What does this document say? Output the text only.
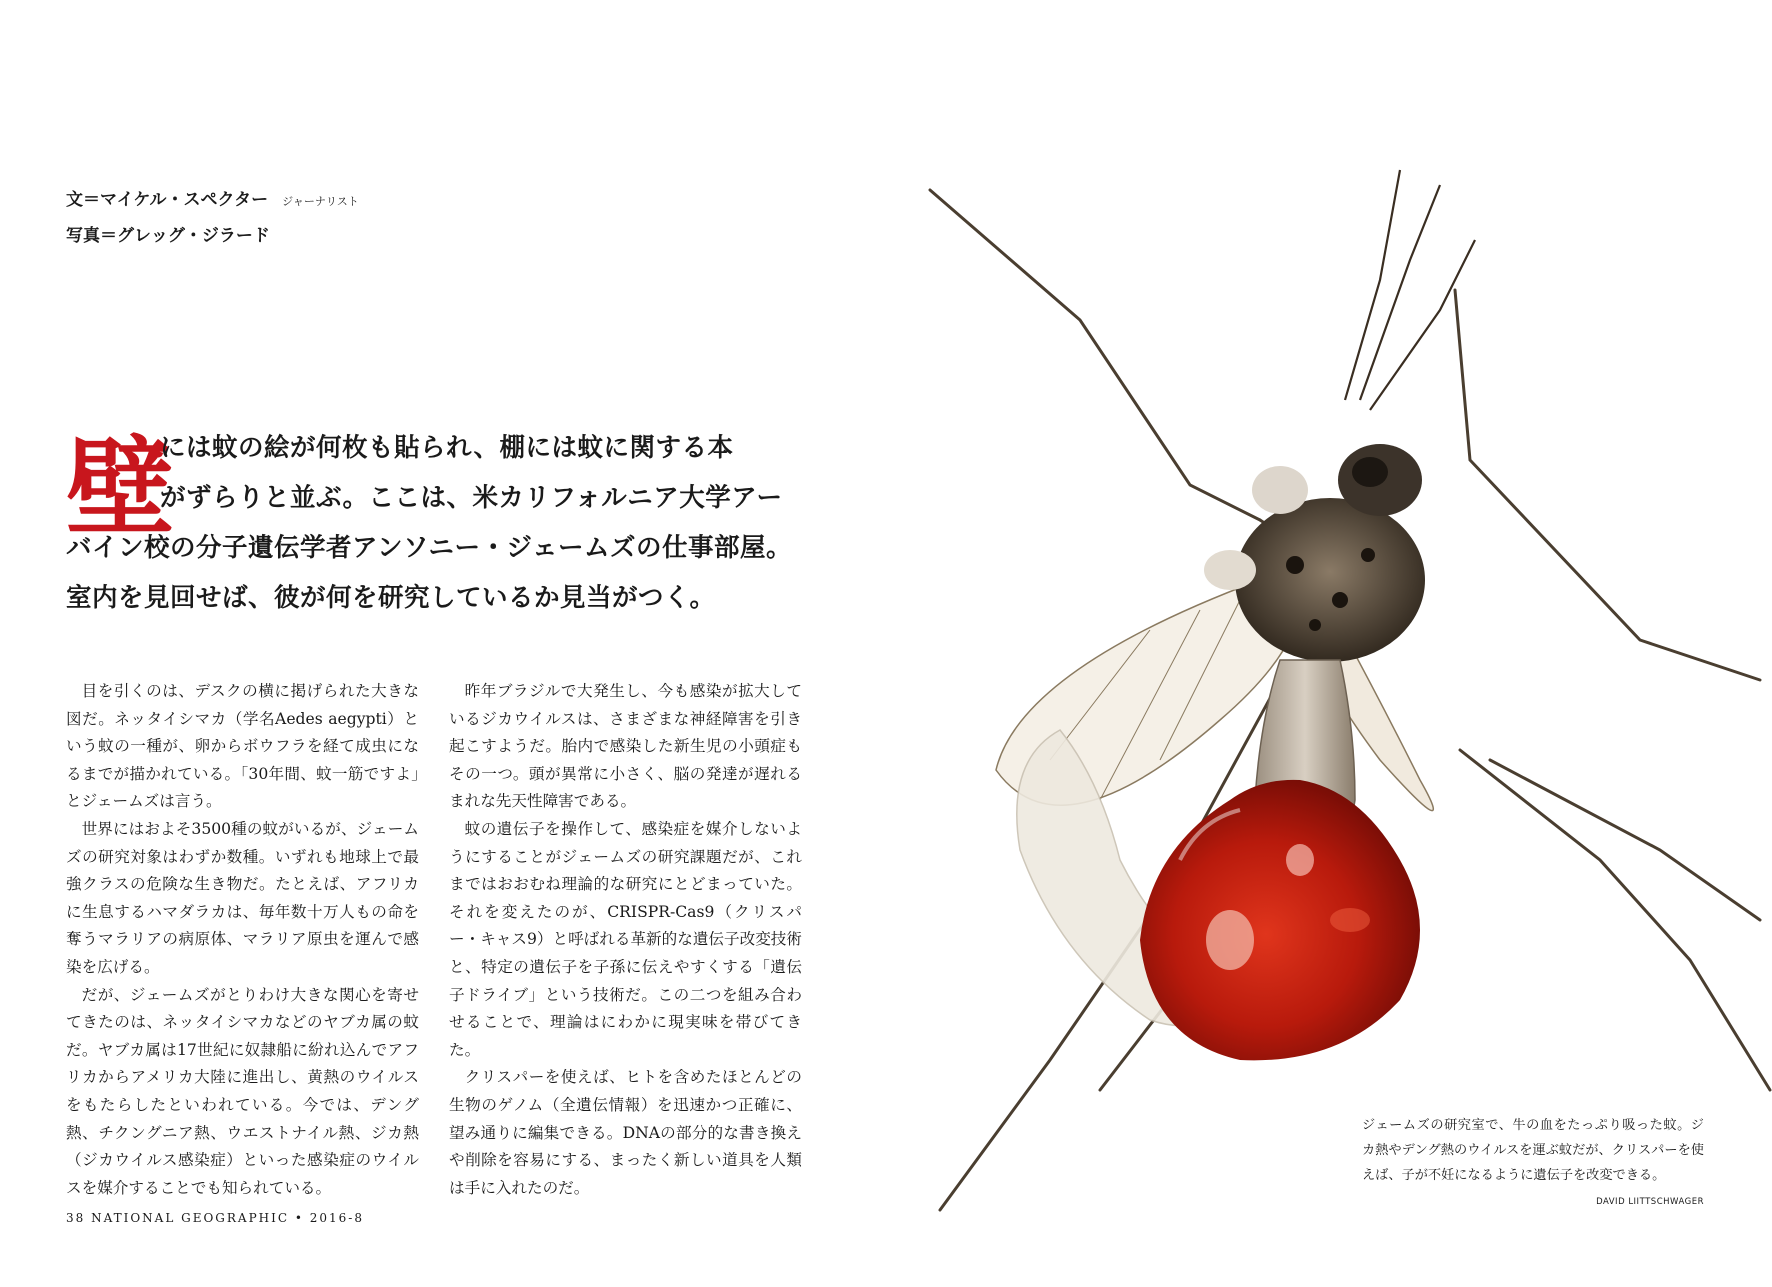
文＝マイケル・スペクター ジャーナリスト
写真＝グレッグ・ジラード
壁
には蚊の絵が何枚も貼られ、棚には蚊に関する本
がずらりと並ぶ。ここは、米カリフォルニア大学アー
バイン校の分子遺伝学者アンソニー・ジェームズの仕事部屋。
室内を見回せば、彼が何を研究しているか見当がつく。

目を引くのは、デスクの横に掲げられた大きな図だ。ネッタイシマカ（学名Aedes aegypti）という蚊の一種が、卵からボウフラを経て成虫になるまでが描かれている。「30年間、蚊一筋ですよ」とジェームズは言う。

世界にはおよそ3500種の蚊がいるが、ジェームズの研究対象はわずか数種。いずれも地球上で最強クラスの危険な生き物だ。たとえば、アフリカに生息するハマダラカは、毎年数十万人もの命を奪うマラリアの病原体、マラリア原虫を運んで感染を広げる。

だが、ジェームズがとりわけ大きな関心を寄せてきたのは、ネッタイシマカなどのヤブカ属の蚊だ。ヤブカ属は17世紀に奴隷船に紛れ込んでアフリカからアメリカ大陸に進出し、黄熱のウイルスをもたらしたといわれている。今では、デング熱、チクングニア熱、ウエストナイル熱、ジカ熱（ジカウイルス感染症）といった感染症のウイルスを媒介することでも知られている。

昨年ブラジルで大発生し、今も感染が拡大しているジカウイルスは、さまざまな神経障害を引き起こすようだ。胎内で感染した新生児の小頭症もその一つ。頭が異常に小さく、脳の発達が遅れるまれな先天性障害である。

蚊の遺伝子を操作して、感染症を媒介しないようにすることがジェームズの研究課題だが、これまではおおむね理論的な研究にとどまっていた。それを変えたのが、CRISPR-Cas9（クリスパー・キャス9）と呼ばれる革新的な遺伝子改変技術と、特定の遺伝子を子孫に伝えやすくする「遺伝子ドライブ」という技術だ。この二つを組み合わせることで、理論はにわかに現実味を帯びてきた。

クリスパーを使えば、ヒトを含めたほとんどの生物のゲノム（全遺伝情報）を迅速かつ正確に、望み通りに編集できる。DNAの部分的な書き換えや削除を容易にする、まったく新しい道具を人類は手に入れたのだ。

38 NATIONAL GEOGRAPHIC • 2016-8
ジェームズの研究室で、牛の血をたっぷり吸った蚊。ジカ熱やデング熱のウイルスを運ぶ蚊だが、クリスパーを使えば、子が不妊になるように遺伝子を改変できる。
DAVID LIITTSCHWAGER
